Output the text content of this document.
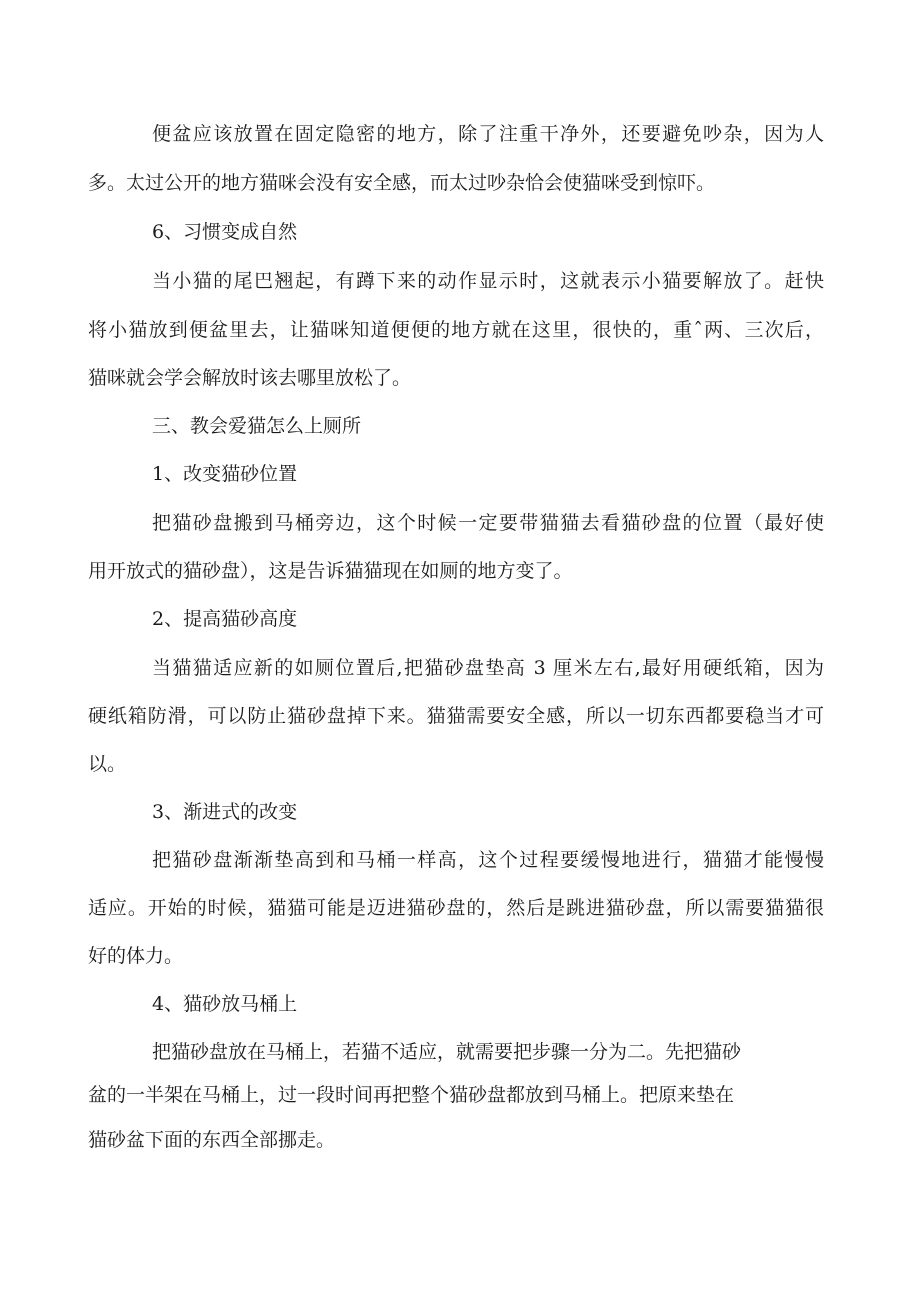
便盆应该放置在固定隐密的地方，除了注重干净外，还要避免吵杂，因为人
多。太过公开的地方猫咪会没有安全感，而太过吵杂恰会使猫咪受到惊吓。
6、习惯变成自然
当小猫的尾巴翘起，有蹲下来的动作显示时，这就表示小猫要解放了。赶快
将小猫放到便盆里去，让猫咪知道便便的地方就在这里，很快的，重ˆ两、三次后，
猫咪就会学会解放时该去哪里放松了。
三、教会爱猫怎么上厕所
1、改变猫砂位置
把猫砂盘搬到马桶旁边，这个时候一定要带猫猫去看猫砂盘的位置（最好使
用开放式的猫砂盘），这是告诉猫猫现在如厕的地方变了。
2、提高猫砂高度
当猫猫适应新的如厕位置后,把猫砂盘垫高 3 厘米左右,最好用硬纸箱，因为
硬纸箱防滑，可以防止猫砂盘掉下来。猫猫需要安全感，所以一切东西都要稳当才可
以。
3、渐进式的改变
把猫砂盘渐渐垫高到和马桶一样高，这个过程要缓慢地进行，猫猫才能慢慢
适应。开始的时候，猫猫可能是迈进猫砂盘的，然后是跳进猫砂盘，所以需要猫猫很
好的体力。
4、猫砂放马桶上
把猫砂盘放在马桶上，若猫不适应，就需要把步骤一分为二。先把猫砂
盆的一半架在马桶上，过一段时间再把整个猫砂盘都放到马桶上。把原来垫在
猫砂盆下面的东西全部挪走。
